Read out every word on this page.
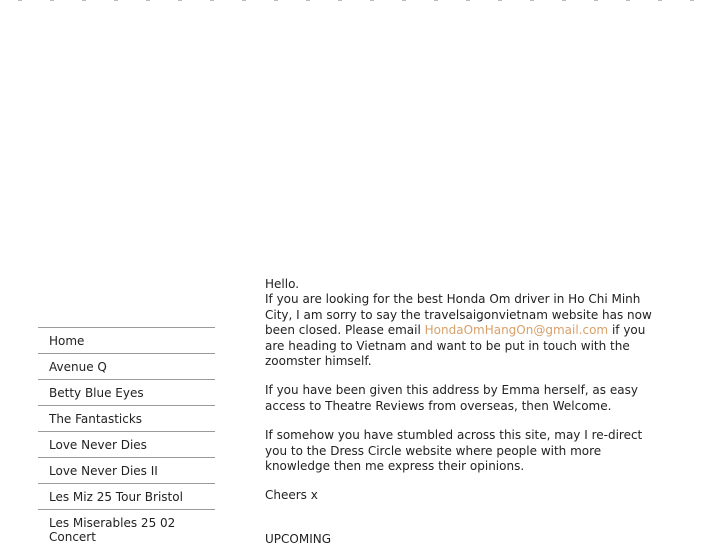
Home
Avenue Q
Betty Blue Eyes
The Fantasticks
Love Never Dies
Love Never Dies II
Les Miz 25 Tour Bristol
Les Miserables 25 02 Concert

Hello.
If you are looking for the best Honda Om driver in Ho Chi Minh City, I am sorry to say the travelsaigonvietnam website has now been closed. Please email HondaOmHangOn@gmail.com if you are heading to Vietnam and want to be put in touch with the zoomster himself.

If you have been given this address by Emma herself, as easy access to Theatre Reviews from overseas, then Welcome.

If somehow you have stumbled across this site, may I re-direct you to the Dress Circle website where people with more knowledge then me express their opinions.

Cheers x

UPCOMING
